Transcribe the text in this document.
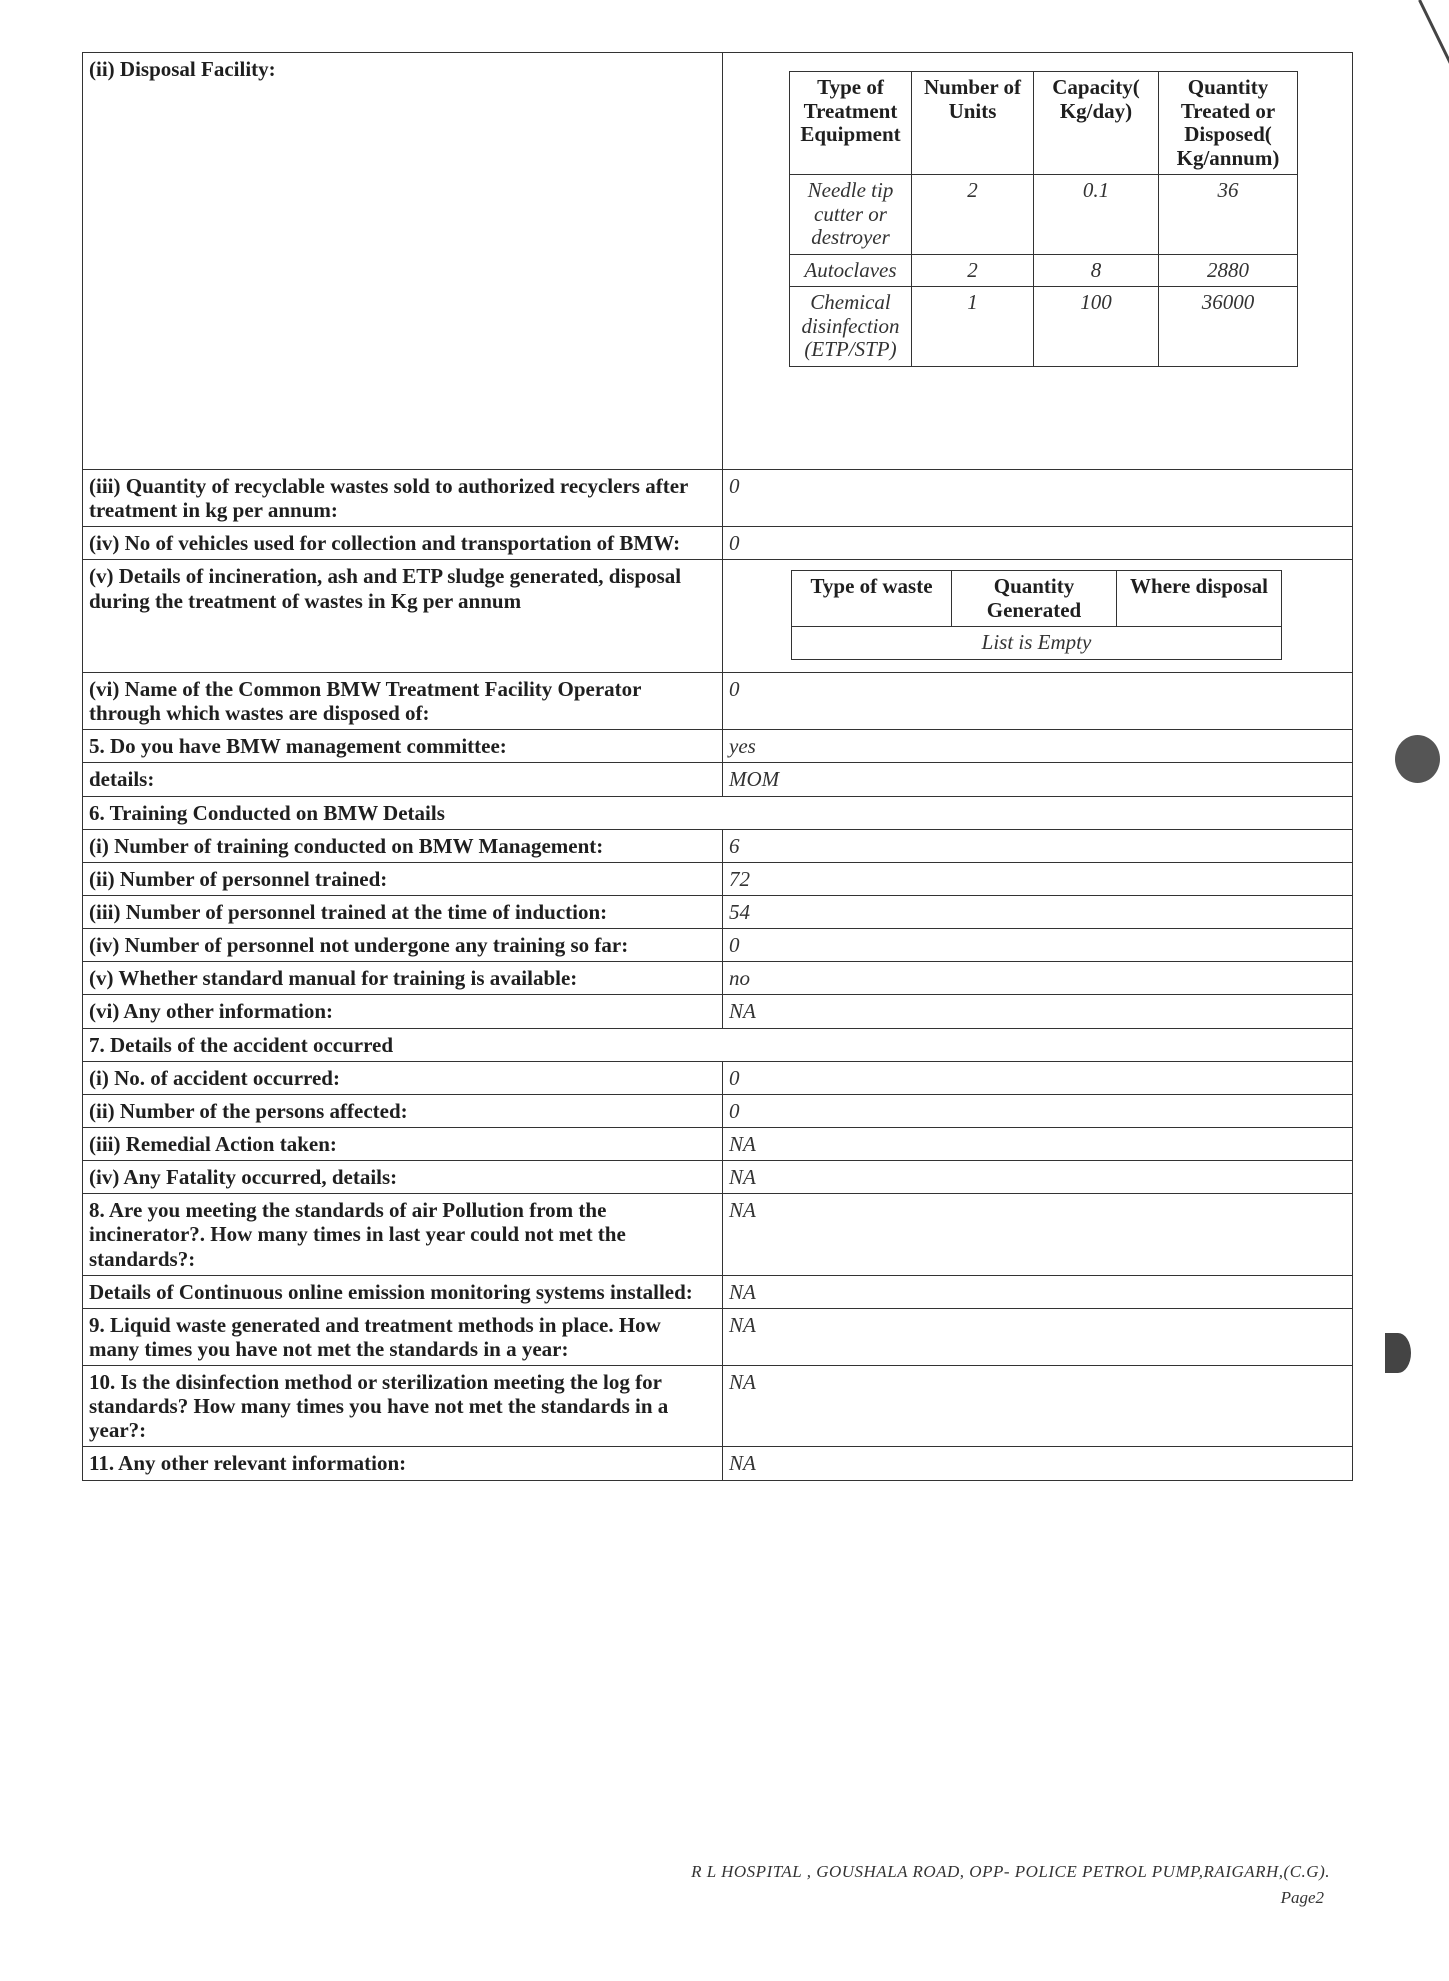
(ii) Disposal Facility:	
Type of Treatment Equipment	Number of Units	Capacity( Kg/day)	Quantity Treated or Disposed( Kg/annum)
Needle tip cutter or destroyer	2	0.1	36
Autoclaves	2	8	2880
Chemical disinfection (ETP/STP)	1	100	36000

(iii) Quantity of recyclable wastes sold to authorized recyclers after treatment in kg per annum:	0
(iv) No of vehicles used for collection and transportation of BMW:	0
(v) Details of incineration, ash and ETP sludge generated, disposal during the treatment of wastes in Kg per annum	
Type of waste	Quantity Generated	Where disposal
List is Empty

(vi) Name of the Common BMW Treatment Facility Operator through which wastes are disposed of:	0
5. Do you have BMW management committee:	yes
details:	MOM
6. Training Conducted on BMW Details
(i) Number of training conducted on BMW Management:	6
(ii) Number of personnel trained:	72
(iii) Number of personnel trained at the time of induction:	54
(iv) Number of personnel not undergone any training so far:	0
(v) Whether standard manual for training is available:	no
(vi) Any other information:	NA
7. Details of the accident occurred
(i) No. of accident occurred:	0
(ii) Number of the persons affected:	0
(iii) Remedial Action taken:	NA
(iv) Any Fatality occurred, details:	NA
8. Are you meeting the standards of air Pollution from the incinerator?. How many times in last year could not met the standards?:	NA
Details of Continuous online emission monitoring systems installed:	NA
9. Liquid waste generated and treatment methods in place. How many times you have not met the standards in a year:	NA
10. Is the disinfection method or sterilization meeting the log for standards? How many times you have not met the standards in a year?:	NA
11. Any other relevant information:	NA
R L HOSPITAL , GOUSHALA ROAD, OPP- POLICE PETROL PUMP,RAIGARH,(C.G).
Page2
